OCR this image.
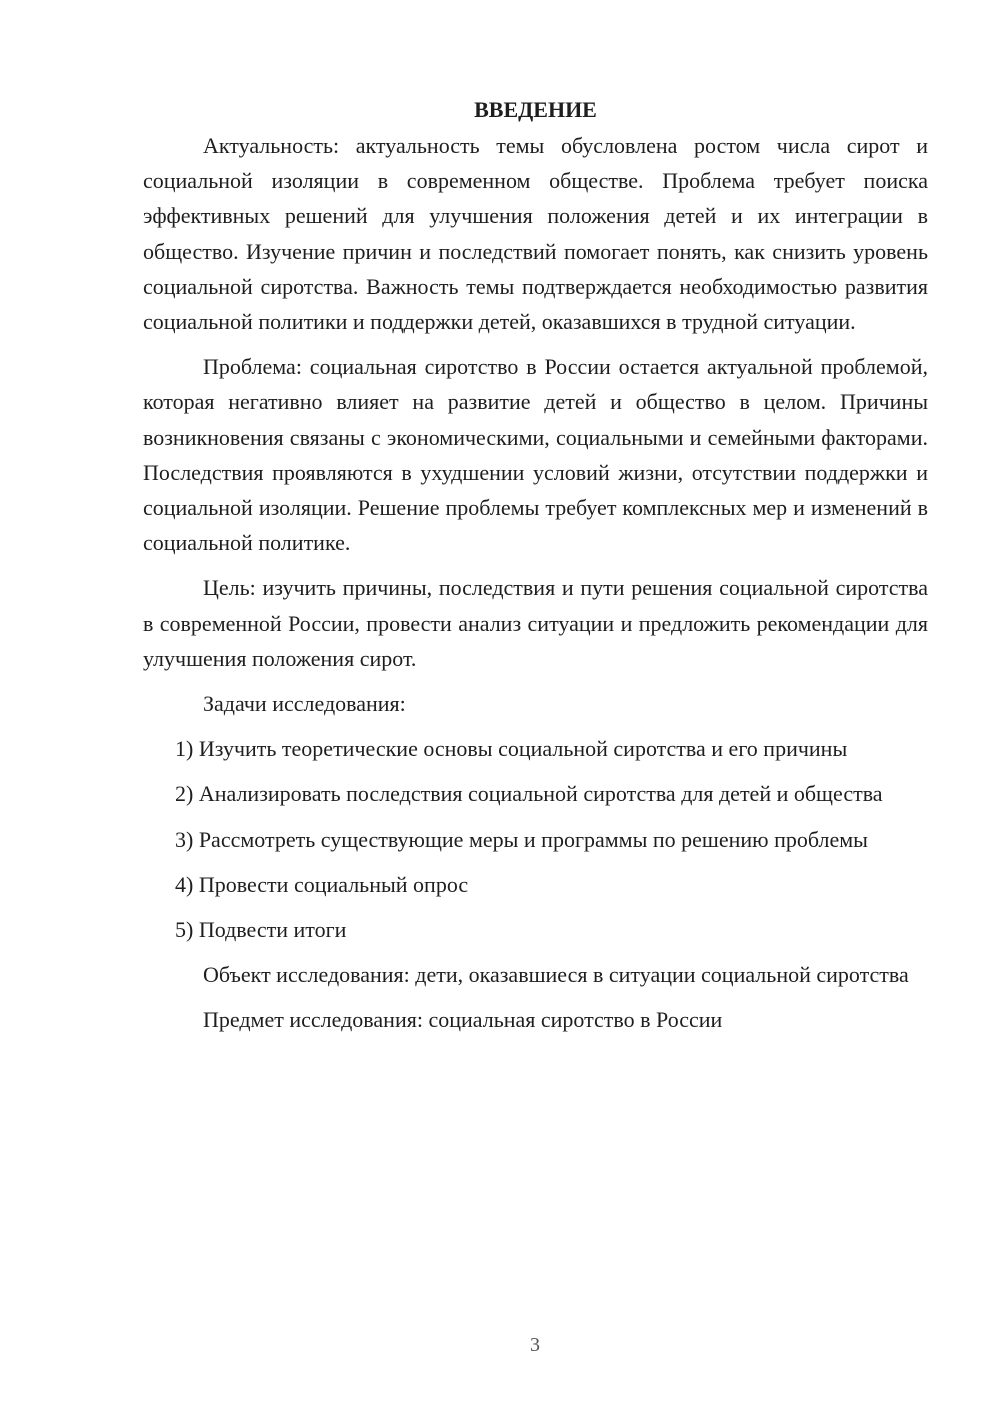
ВВЕДЕНИЕ

Актуальность: актуальность темы обусловлена ростом числа сирот и социальной изоляции в современном обществе. Проблема требует поиска эффективных решений для улучшения положения детей и их интеграции в общество. Изучение причин и последствий помогает понять, как снизить уровень социальной сиротства. Важность темы подтверждается необходимостью развития социальной политики и поддержки детей, оказавшихся в трудной ситуации.

Проблема: социальная сиротство в России остается актуальной проблемой, которая негативно влияет на развитие детей и общество в целом. Причины возникновения связаны с экономическими, социальными и семейными факторами. Последствия проявляются в ухудшении условий жизни, отсутствии поддержки и социальной изоляции. Решение проблемы требует комплексных мер и изменений в социальной политике.

Цель: изучить причины, последствия и пути решения социальной сиротства в современной России, провести анализ ситуации и предложить рекомендации для улучшения положения сирот.

Задачи исследования:

1) Изучить теоретические основы социальной сиротства и его причины

2) Анализировать последствия социальной сиротства для детей и общества

3) Рассмотреть существующие меры и программы по решению проблемы

4) Провести социальный опрос

5) Подвести итоги

Объект исследования: дети, оказавшиеся в ситуации социальной сиротства

Предмет исследования: социальная сиротство в России

3
